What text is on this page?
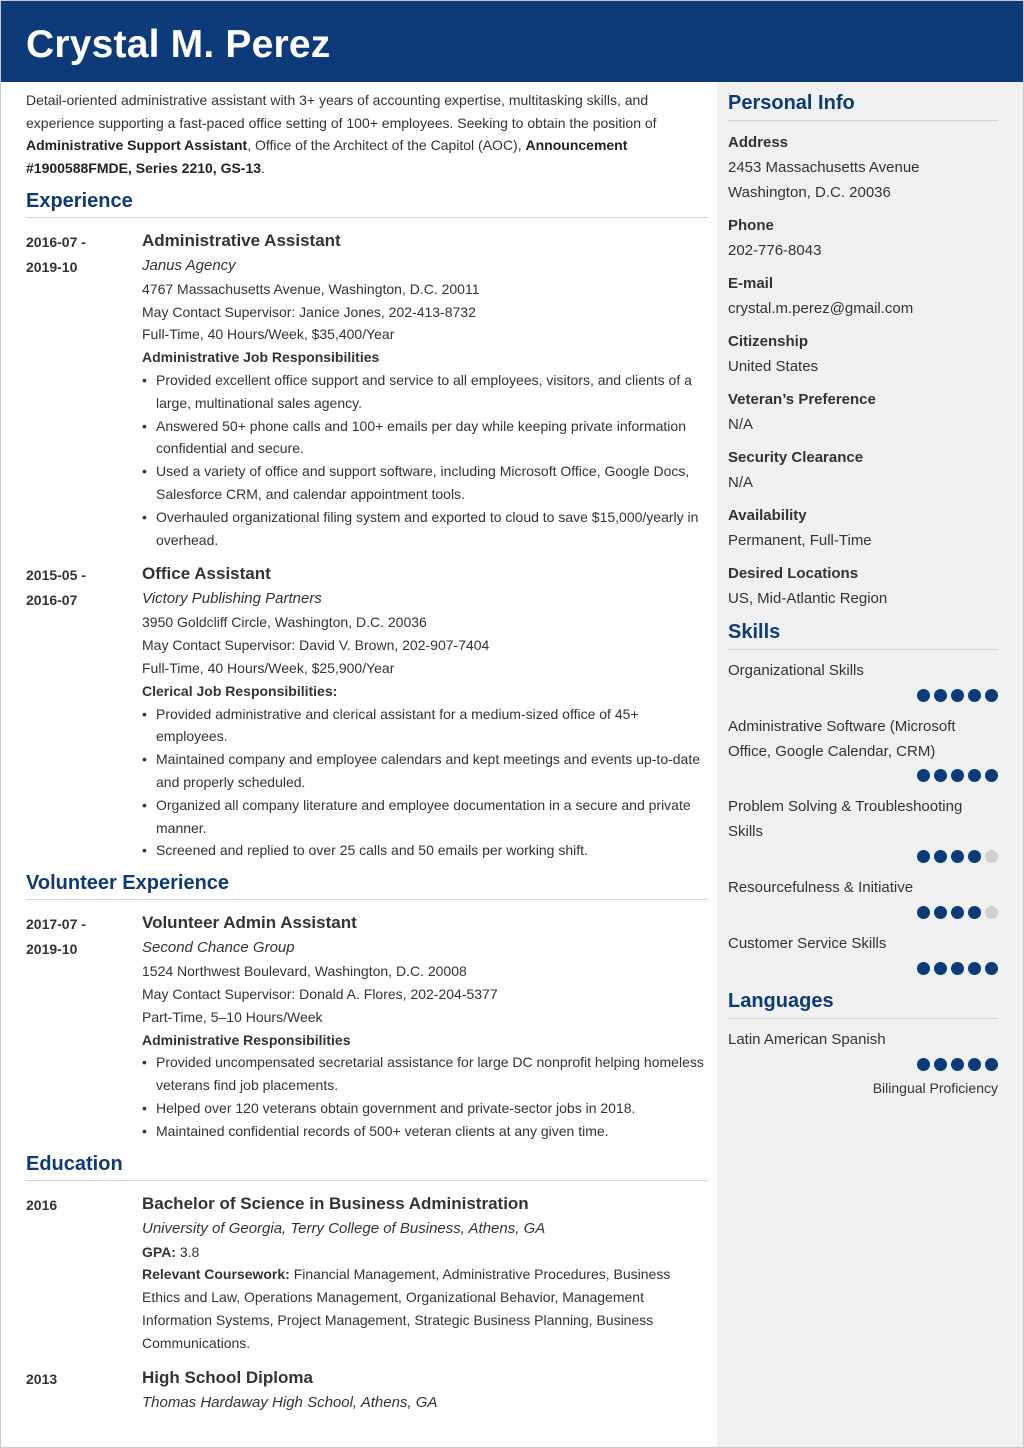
Crystal M. Perez
Personal Info
Address
2453 Massachusetts Avenue
Washington, D.C. 20036
Phone
202-776-8043
E-mail
crystal.m.perez@gmail.com
Citizenship
United States
Veteran’s Preference
N/A
Security Clearance
N/A
Availability
Permanent, Full-Time
Desired Locations
US, Mid-Atlantic Region
Skills
Organizational Skills
Administrative Software (Microsoft Office, Google Calendar, CRM)
Problem Solving & Troubleshooting Skills
Resourcefulness & Initiative
Customer Service Skills
Languages
Latin American Spanish
Bilingual Proficiency

Detail-oriented administrative assistant with 3+ years of accounting expertise, multitasking skills, and experience supporting a fast-paced office setting of 100+ employees. Seeking to obtain the position of Administrative Support Assistant, Office of the Architect of the Capitol (AOC), Announcement #1900588FMDE, Series 2210, GS-13.

Experience
2016-07 -
2019-10
Administrative Assistant
Janus Agency
4767 Massachusetts Avenue, Washington, D.C. 20011
May Contact Supervisor: Janice Jones, 202-413-8732
Full-Time, 40 Hours/Week, $35,400/Year
Administrative Job Responsibilities
• Provided excellent office support and service to all employees, visitors, and clients of a large, multinational sales agency.
• Answered 50+ phone calls and 100+ emails per day while keeping private information confidential and secure.
• Used a variety of office and support software, including Microsoft Office, Google Docs, Salesforce CRM, and calendar appointment tools.
• Overhauled organizational filing system and exported to cloud to save $15,000/yearly in overhead.
2015-05 -
2016-07
Office Assistant
Victory Publishing Partners
3950 Goldcliff Circle, Washington, D.C. 20036
May Contact Supervisor: David V. Brown, 202-907-7404
Full-Time, 40 Hours/Week, $25,900/Year
Clerical Job Responsibilities:
• Provided administrative and clerical assistant for a medium-sized office of 45+ employees.
• Maintained company and employee calendars and kept meetings and events up-to-date and properly scheduled.
• Organized all company literature and employee documentation in a secure and private manner.
• Screened and replied to over 25 calls and 50 emails per working shift.
Volunteer Experience
2017-07 -
2019-10
Volunteer Admin Assistant
Second Chance Group
1524 Northwest Boulevard, Washington, D.C. 20008
May Contact Supervisor: Donald A. Flores, 202-204-5377
Part-Time, 5–10 Hours/Week
Administrative Responsibilities
• Provided uncompensated secretarial assistance for large DC nonprofit helping homeless veterans find job placements.
• Helped over 120 veterans obtain government and private-sector jobs in 2018.
• Maintained confidential records of 500+ veteran clients at any given time.
Education
2016	Bachelor of Science in Business Administration
University of Georgia, Terry College of Business, Athens, GA
GPA: 3.8
Relevant Coursework: Financial Management, Administrative Procedures, Business Ethics and Law, Operations Management, Organizational Behavior, Management Information Systems, Project Management, Strategic Business Planning, Business Communications.
2013	High School Diploma
Thomas Hardaway High School, Athens, GA
